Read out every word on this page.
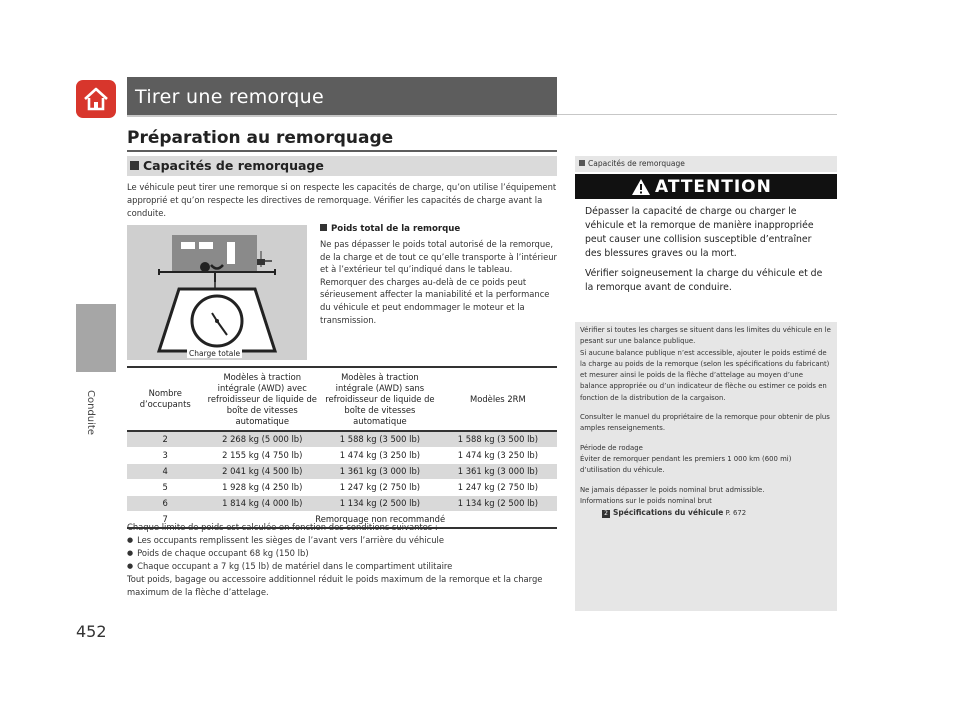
Tirer une remorque
Conduite
452
Préparation au remorquage
Capacités de remorquage
Le véhicule peut tirer une remorque si on respecte les capacités de charge, qu’on utilise l’équipement approprié et qu’on respecte les directives de remorquage. Vérifier les capacités de charge avant la conduite.
Charge totale
Poids total de la remorque
Ne pas dépasser le poids total autorisé de la remorque, de la charge et de tout ce qu’elle transporte à l’intérieur et à l’extérieur tel qu’indiqué dans le tableau.
Remorquer des charges au-delà de ce poids peut sérieusement affecter la maniabilité et la performance du véhicule et peut endommager le moteur et la transmission.
Nombre d’occupants	Modèles à traction intégrale (AWD) avec refroidisseur de liquide de boîte de vitesses automatique	Modèles à traction intégrale (AWD) sans refroidisseur de liquide de boîte de vitesses automatique	Modèles 2RM
2	2 268 kg (5 000 lb)	1 588 kg (3 500 lb)	1 588 kg (3 500 lb)
3	2 155 kg (4 750 lb)	1 474 kg (3 250 lb)	1 474 kg (3 250 lb)
4	2 041 kg (4 500 lb)	1 361 kg (3 000 lb)	1 361 kg (3 000 lb)
5	1 928 kg (4 250 lb)	1 247 kg (2 750 lb)	1 247 kg (2 750 lb)
6	1 814 kg (4 000 lb)	1 134 kg (2 500 lb)	1 134 kg (2 500 lb)
7	Remorquage non recommandé		
Chaque limite de poids est calculée en fonction des conditions suivantes :
● Les occupants remplissent les sièges de l’avant vers l’arrière du véhicule
● Poids de chaque occupant 68 kg (150 lb)
● Chaque occupant a 7 kg (15 lb) de matériel dans le compartiment utilitaire
Tout poids, bagage ou accessoire additionnel réduit le poids maximum de la remorque et la charge maximum de la flèche d’attelage.
Capacités de remorquage
ATTENTION
Dépasser la capacité de charge ou charger le véhicule et la remorque de manière inappropriée peut causer une collision susceptible d’entraîner des blessures graves ou la mort.
Vérifier soigneusement la charge du véhicule et de la remorque avant de conduire.
Vérifier si toutes les charges se situent dans les limites du véhicule en le pesant sur une balance publique.
Si aucune balance publique n’est accessible, ajouter le poids estimé de la charge au poids de la remorque (selon les spécifications du fabricant) et mesurer ainsi le poids de la flèche d’attelage au moyen d’une balance appropriée ou d’un indicateur de flèche ou estimer ce poids en fonction de la distribution de la cargaison.
Consulter le manuel du propriétaire de la remorque pour obtenir de plus amples renseignements.
Période de rodage
Éviter de remorquer pendant les premiers 1 000 km (600 mi) d’utilisation du véhicule.
Ne jamais dépasser le poids nominal brut admissible.
Informations sur le poids nominal brut
2 Spécifications du véhicule P. 672
